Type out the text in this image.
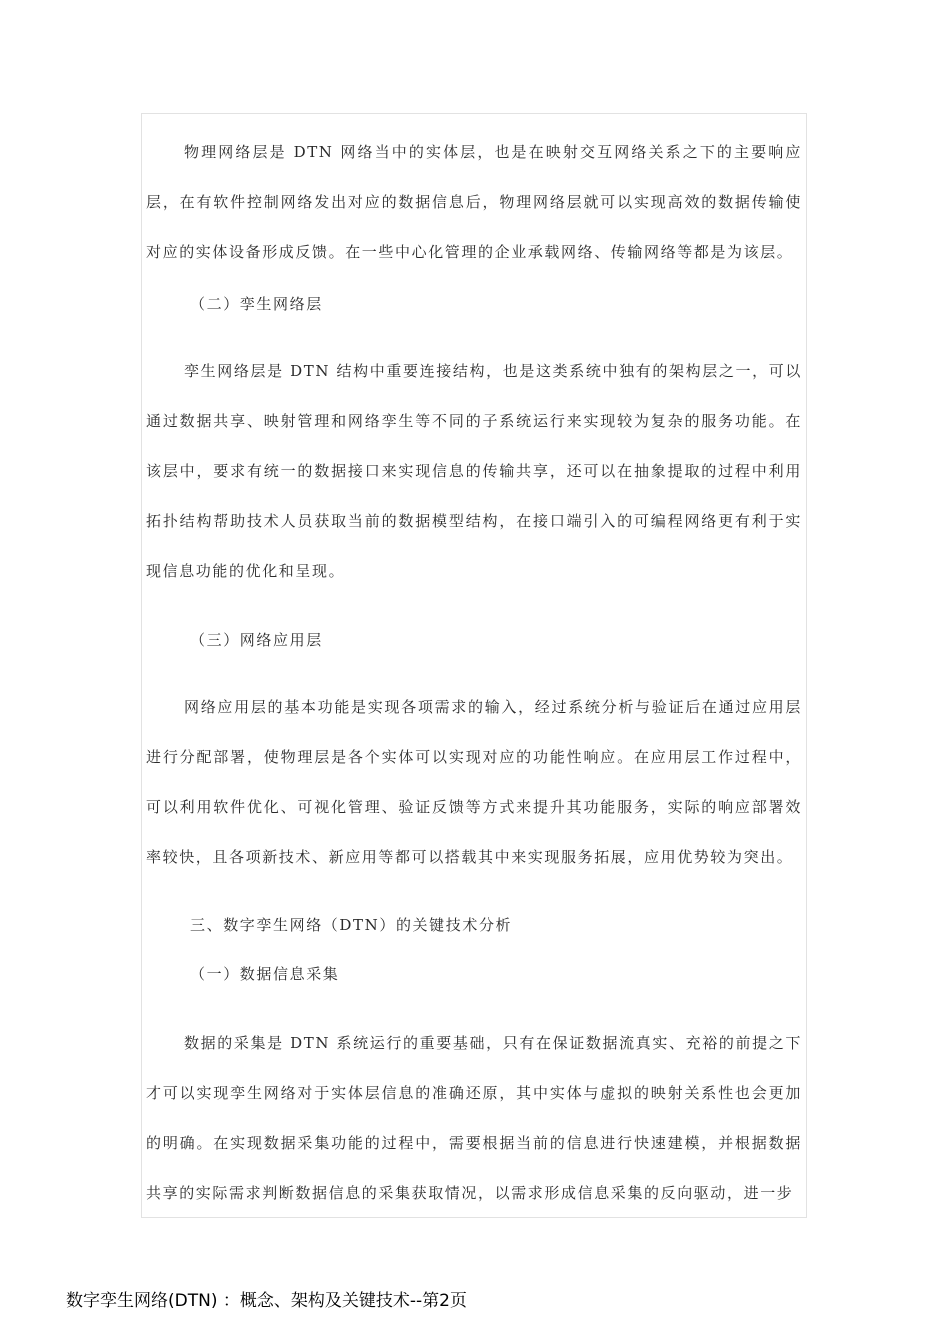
物理网络层是 DTN 网络当中的实体层，也是在映射交互网络关系之下的主要响应层，在有软件控制网络发出对应的数据信息后，物理网络层就可以实现高效的数据传输使对应的实体设备形成反馈。在一些中心化管理的企业承载网络、传输网络等都是为该层。

（二）孪生网络层

孪生网络层是 DTN 结构中重要连接结构，也是这类系统中独有的架构层之一，可以通过数据共享、映射管理和网络孪生等不同的子系统运行来实现较为复杂的服务功能。在该层中，要求有统一的数据接口来实现信息的传输共享，还可以在抽象提取的过程中利用拓扑结构帮助技术人员获取当前的数据模型结构，在接口端引入的可编程网络更有利于实现信息功能的优化和呈现。

（三）网络应用层

网络应用层的基本功能是实现各项需求的输入，经过系统分析与验证后在通过应用层进行分配部署，使物理层是各个实体可以实现对应的功能性响应。在应用层工作过程中，可以利用软件优化、可视化管理、验证反馈等方式来提升其功能服务，实际的响应部署效率较快，且各项新技术、新应用等都可以搭载其中来实现服务拓展，应用优势较为突出。

三、数字孪生网络（DTN）的关键技术分析

（一）数据信息采集

数据的采集是 DTN 系统运行的重要基础，只有在保证数据流真实、充裕的前提之下才可以实现孪生网络对于实体层信息的准确还原，其中实体与虚拟的映射关系性也会更加的明确。在实现数据采集功能的过程中，需要根据当前的信息进行快速建模，并根据数据共享的实际需求判断数据信息的采集获取情况，以需求形成信息采集的反向驱动，进一步

数字孪生网络(DTN) ：概念、架构及关键技术--第2页
